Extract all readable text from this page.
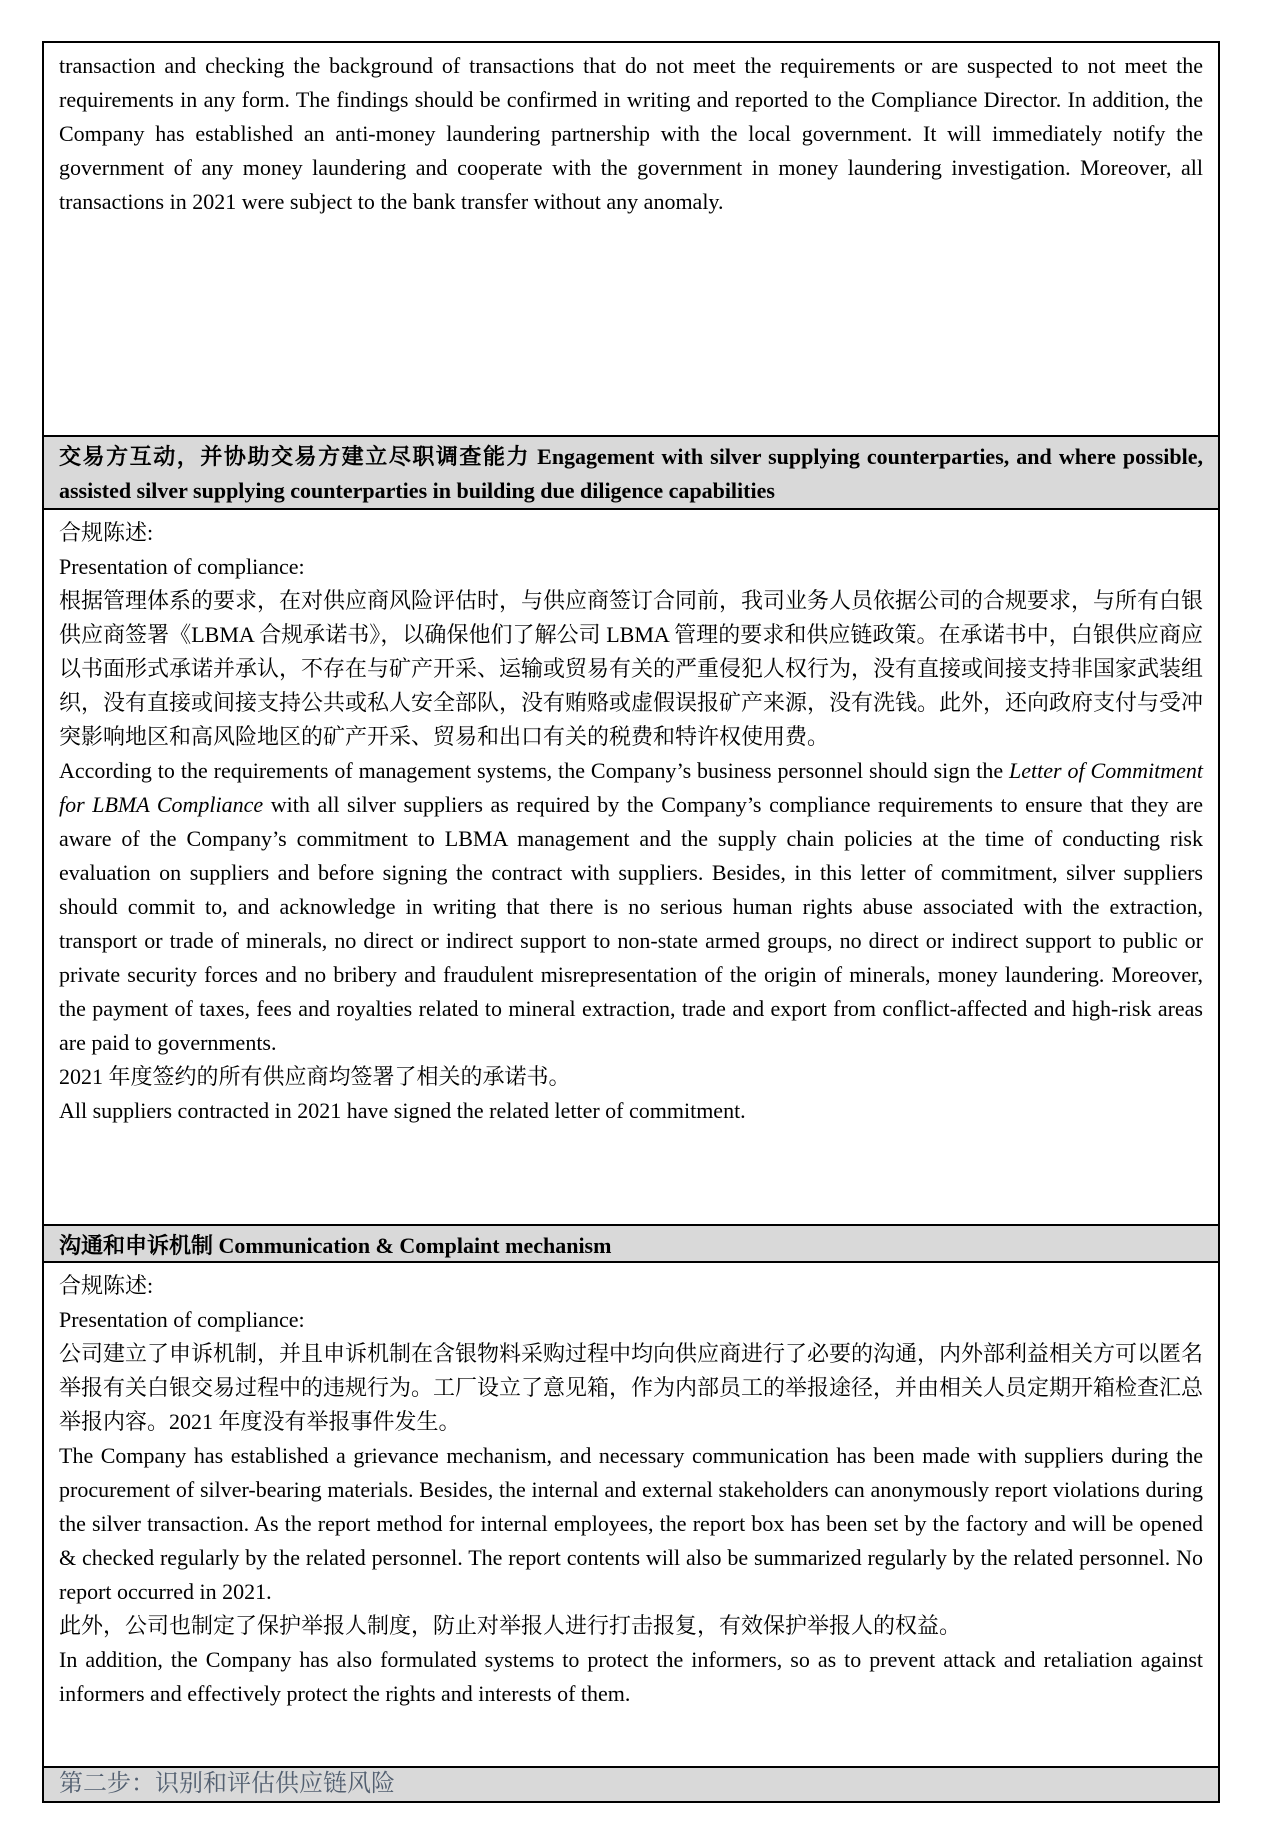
transaction and checking the background of transactions that do not meet the requirements or are suspected to not meet the requirements in any form. The findings should be confirmed in writing and reported to the Compliance Director. In addition, the Company has established an anti-money laundering partnership with the local government. It will immediately notify the government of any money laundering and cooperate with the government in money laundering investigation. Moreover, all transactions in 2021 were subject to the bank transfer without any anomaly.

交易方互动，并协助交易方建立尽职调查能力 Engagement with silver supplying counterparties, and where possible, assisted silver supplying counterparties in building due diligence capabilities

合规陈述:

Presentation of compliance:

根据管理体系的要求，在对供应商风险评估时，与供应商签订合同前，我司业务人员依据公司的合规要求，与所有白银供应商签署《LBMA 合规承诺书》，以确保他们了解公司 LBMA 管理的要求和供应链政策。在承诺书中，白银供应商应以书面形式承诺并承认，不存在与矿产开采、运输或贸易有关的严重侵犯人权行为，没有直接或间接支持非国家武装组织，没有直接或间接支持公共或私人安全部队，没有贿赂或虚假误报矿产来源，没有洗钱。此外，还向政府支付与受冲突影响地区和高风险地区的矿产开采、贸易和出口有关的税费和特许权使用费。

According to the requirements of management systems, the Company’s business personnel should sign the Letter of Commitment for LBMA Compliance with all silver suppliers as required by the Company’s compliance requirements to ensure that they are aware of the Company’s commitment to LBMA management and the supply chain policies at the time of conducting risk evaluation on suppliers and before signing the contract with suppliers. Besides, in this letter of commitment, silver suppliers should commit to, and acknowledge in writing that there is no serious human rights abuse associated with the extraction, transport or trade of minerals, no direct or indirect support to non-state armed groups, no direct or indirect support to public or private security forces and no bribery and fraudulent misrepresentation of the origin of minerals, money laundering. Moreover, the payment of taxes, fees and royalties related to mineral extraction, trade and export from conflict-affected and high-risk areas are paid to governments.

2021 年度签约的所有供应商均签署了相关的承诺书。

All suppliers contracted in 2021 have signed the related letter of commitment.

沟通和申诉机制 Communication & Complaint mechanism

合规陈述:

Presentation of compliance:

公司建立了申诉机制，并且申诉机制在含银物料采购过程中均向供应商进行了必要的沟通，内外部利益相关方可以匿名举报有关白银交易过程中的违规行为。工厂设立了意见箱，作为内部员工的举报途径，并由相关人员定期开箱检查汇总举报内容。2021 年度没有举报事件发生。

The Company has established a grievance mechanism, and necessary communication has been made with suppliers during the procurement of silver-bearing materials. Besides, the internal and external stakeholders can anonymously report violations during the silver transaction. As the report method for internal employees, the report box has been set by the factory and will be opened & checked regularly by the related personnel. The report contents will also be summarized regularly by the related personnel. No report occurred in 2021.

此外，公司也制定了保护举报人制度，防止对举报人进行打击报复，有效保护举报人的权益。

In addition, the Company has also formulated systems to protect the informers, so as to prevent attack and retaliation against informers and effectively protect the rights and interests of them.

第二步：识别和评估供应链风险
